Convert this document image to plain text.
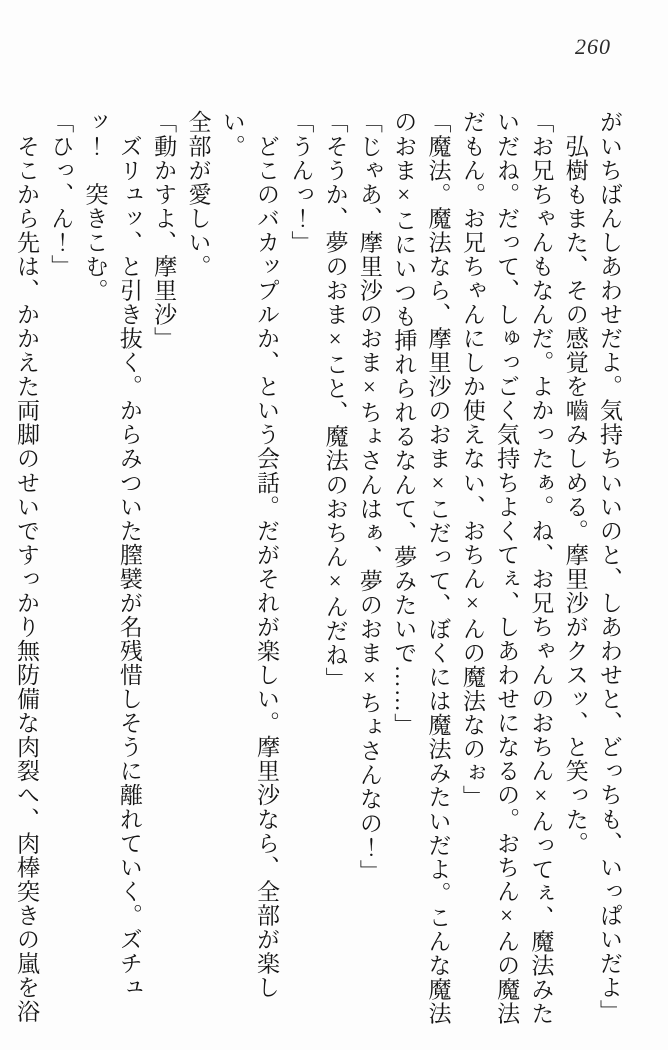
260

がいちばんしあわせだよ。気持ちいいのと、しあわせと、どっちも、いっぱいだよ」

　弘樹もまた、その感覚を嚙みしめる。摩里沙がクスッ、と笑った。

「お兄ちゃんもなんだ。よかったぁ。ね、お兄ちゃんのおちん×んってぇ、魔法みた

いだね。だって、しゅっごく気持ちよくてぇ、しあわせになるの。おちん×んの魔法

だもん。お兄ちゃんにしか使えない、おちん×んの魔法なのぉ」

「魔法。魔法なら、摩里沙のおま×こだって、ぼくには魔法みたいだよ。こんな魔法

のおま×こにいつも挿れられるなんて、夢みたいで……」

「じゃあ、摩里沙のおま×ちょさんはぁ、夢のおま×ちょさんなの！」

「そうか、夢のおま×こと、魔法のおちん×んだね」

「うんっ！」

　どこのバカップルか、という会話。だがそれが楽しい。摩里沙なら、全部が楽しい。

全部が愛しい。

「動かすよ、摩里沙」

　ズリュッ、と引き抜く。からみついた膣襞が名残惜しそうに離れていく。ズチュ

ッ！　突きこむ。

「ひっ、ん！」

　そこから先は、かかえた両脚のせいですっかり無防備な肉裂へ、肉棒突きの嵐を浴
